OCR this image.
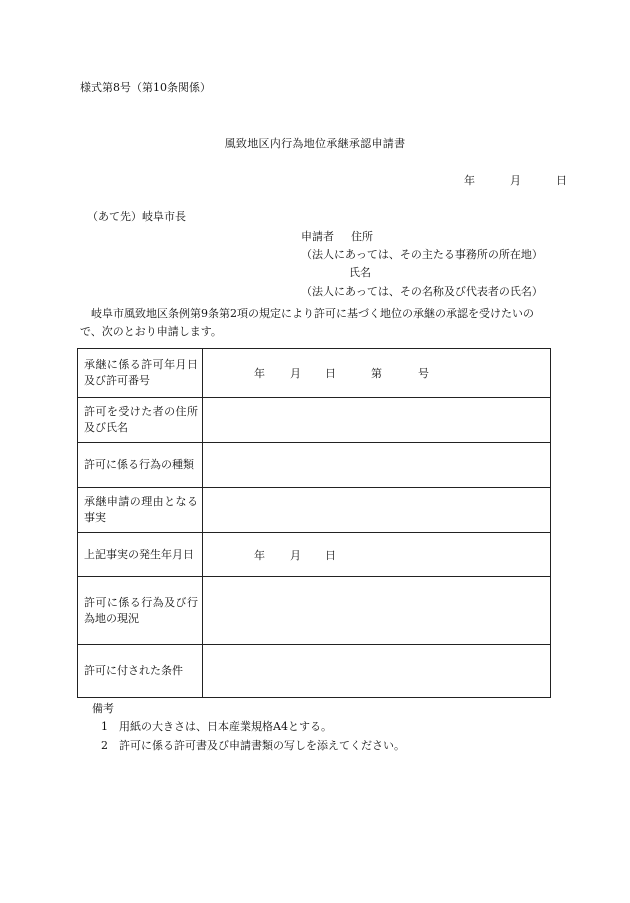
様式第8号（第10条関係）
風致地区内行為地位承継承認申請書
年	月	日
（あて先）岐阜市長
申請者 住所
（法人にあっては、その主たる事務所の所在地）
氏名
（法人にあっては、その名称及び代表者の氏名）
岐阜市風致地区条例第9条第2項の規定により許可に基づく地位の承継の承認を受けたいので、次のとおり申請します。
承継に係る許可年月日及び許可番号	年 月 日 第 号

許可を受けた者の住所及び氏名	
許可に係る行為の種類	
承継申請の理由となる事実	
上記事実の発生年月日	年 月 日

許可に係る行為及び行為地の現況	
許可に付された条件	
備考
1 用紙の大きさは、日本産業規格A4とする。
2 許可に係る許可書及び申請書類の写しを添えてください。
